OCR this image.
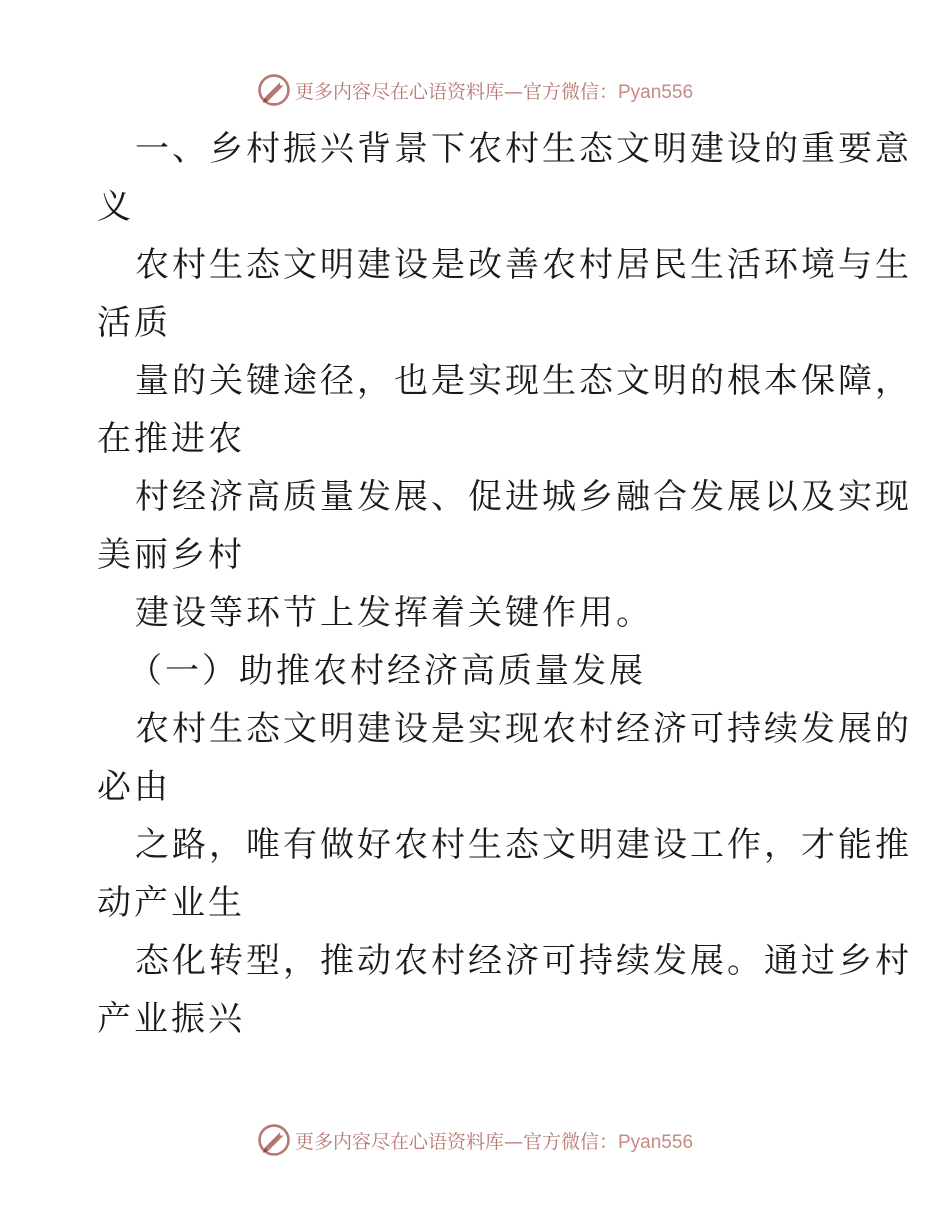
更多内容尽在心语资料库—官方微信：Pyan556
一、乡村振兴背景下农村生态文明建设的重要意
义
农村生态文明建设是改善农村居民生活环境与生
活质
量的关键途径，也是实现生态文明的根本保障，
在推进农
村经济高质量发展、促进城乡融合发展以及实现
美丽乡村
建设等环节上发挥着关键作用。
（一）助推农村经济高质量发展
农村生态文明建设是实现农村经济可持续发展的
必由
之路，唯有做好农村生态文明建设工作，才能推
动产业生
态化转型，推动农村经济可持续发展。通过乡村
产业振兴
更多内容尽在心语资料库—官方微信：Pyan556
